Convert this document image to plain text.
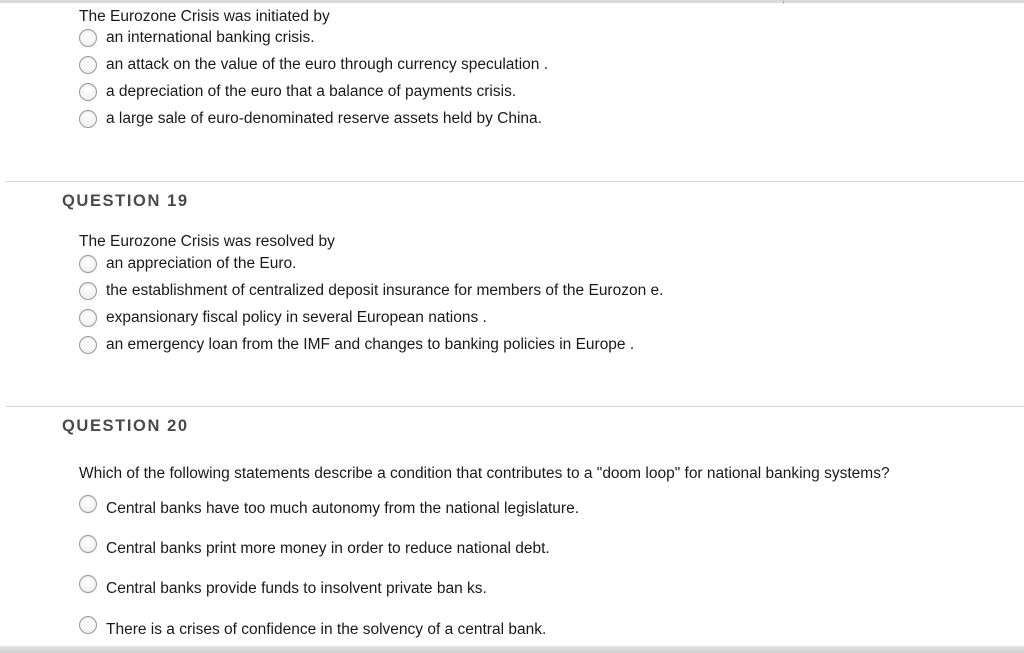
The Eurozone Crisis was initiated by
an international banking crisis.
an attack on the value of the euro through currency speculation .
a depreciation of the euro that a balance of payments crisis.
a large sale of euro-denominated reserve assets held by China.
QUESTION 19
The Eurozone Crisis was resolved by
an appreciation of the Euro.
the establishment of centralized deposit insurance for members of the Eurozon e.
expansionary fiscal policy in several European nations .
an emergency loan from the IMF and changes to banking policies in Europe .
QUESTION 20
Which of the following statements describe a condition that contributes to a "doom loop" for national banking systems?
Central banks have too much autonomy from the national legislature.
Central banks print more money in order to reduce national debt.
Central banks provide funds to insolvent private ban ks.
There is a crises of confidence in the solvency of a central bank.
